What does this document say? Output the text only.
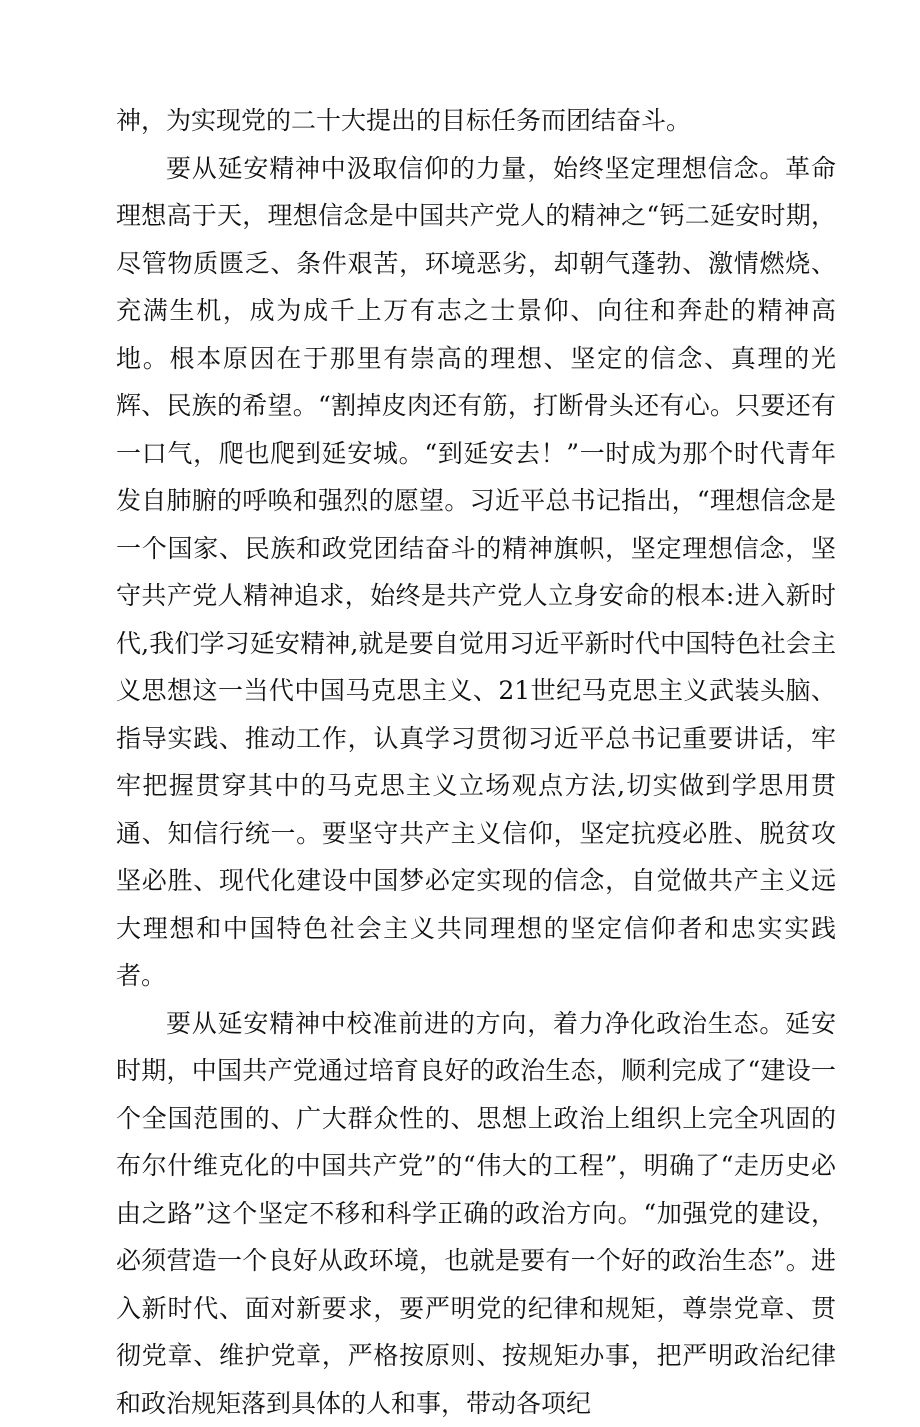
神，为实现党的二十大提出的目标任务而团结奋斗。

要从延安精神中汲取信仰的力量，始终坚定理想信念。革命理想高于天，理想信念是中国共产党人的精神之“钙二延安时期，尽管物质匮乏、条件艰苦，环境恶劣，却朝气蓬勃、激情燃烧、充满生机，成为成千上万有志之士景仰、向往和奔赴的精神高地。根本原因在于那里有崇高的理想、坚定的信念、真理的光辉、民族的希望。“割掉皮肉还有筋，打断骨头还有心。只要还有一口气，爬也爬到延安城。“到延安去！”一时成为那个时代青年发自肺腑的呼唤和强烈的愿望。习近平总书记指出，“理想信念是一个国家、民族和政党团结奋斗的精神旗帜，坚定理想信念，坚守共产党人精神追求，始终是共产党人立身安命的根本:进入新时代,我们学习延安精神,就是要自觉用习近平新时代中国特色社会主义思想这一当代中国马克思主义、21世纪马克思主义武装头脑、指导实践、推动工作，认真学习贯彻习近平总书记重要讲话，牢牢把握贯穿其中的马克思主义立场观点方法,切实做到学思用贯通、知信行统一。要坚守共产主义信仰，坚定抗疫必胜、脱贫攻坚必胜、现代化建设中国梦必定实现的信念，自觉做共产主义远大理想和中国特色社会主义共同理想的坚定信仰者和忠实实践者。

要从延安精神中校准前进的方向，着力净化政治生态。延安时期，中国共产党通过培育良好的政治生态，顺利完成了“建设一个全国范围的、广大群众性的、思想上政治上组织上完全巩固的布尔什维克化的中国共产党”的“伟大的工程”，明确了“走历史必由之路”这个坚定不移和科学正确的政治方向。“加强党的建设，必须营造一个良好从政环境，也就是要有一个好的政治生态”。进入新时代、面对新要求，要严明党的纪律和规矩，尊崇党章、贯彻党章、维护党章，严格按原则、按规矩办事，把严明政治纪律和政治规矩落到具体的人和事，带动各项纪
